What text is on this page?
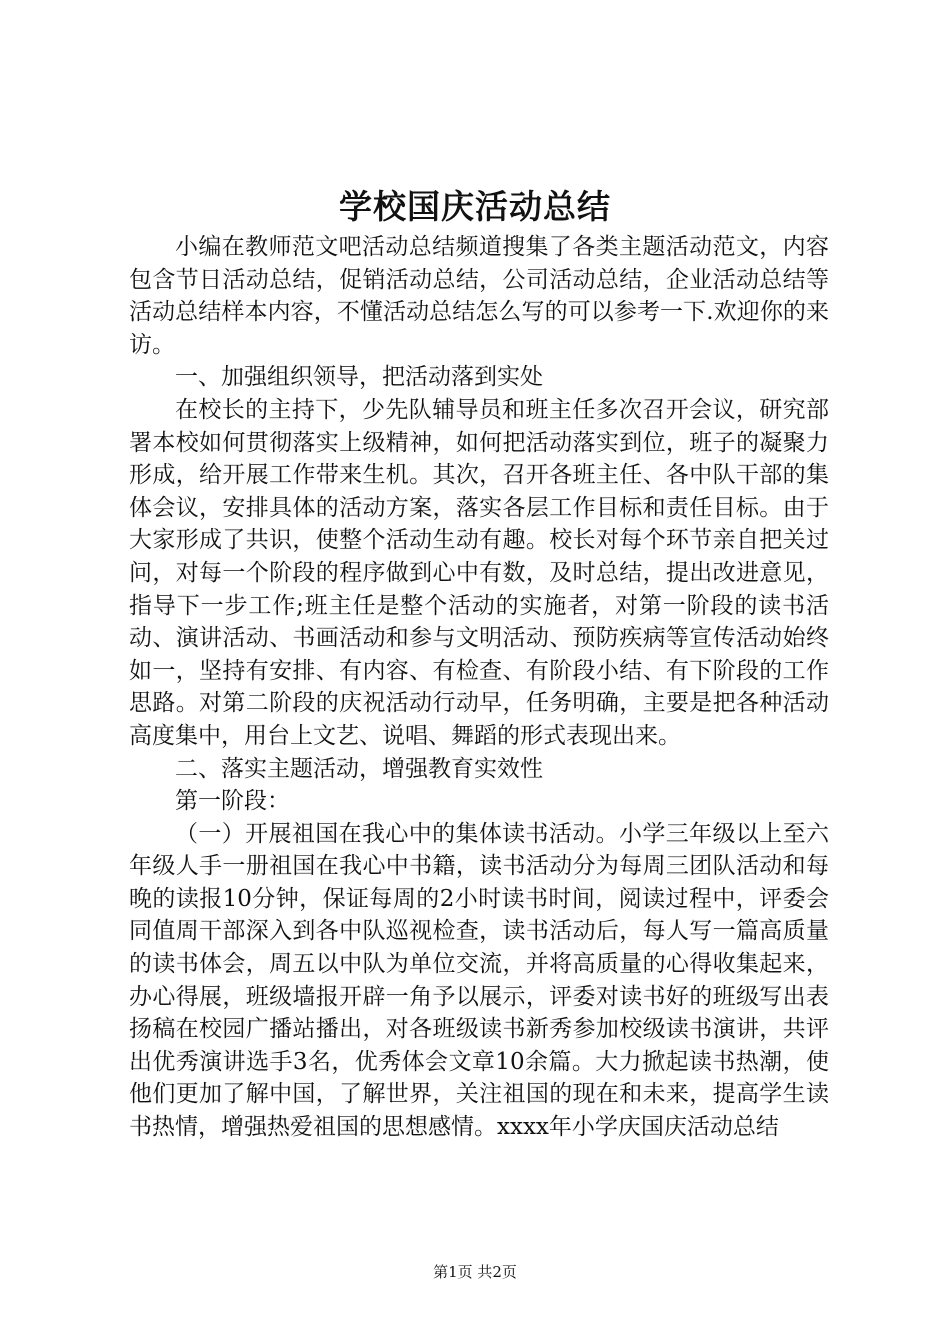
学校国庆活动总结

小编在教师范文吧活动总结频道搜集了各类主题活动范文，内容包含节日活动总结，促销活动总结，公司活动总结，企业活动总结等活动总结样本内容，不懂活动总结怎么写的可以参考一下.欢迎你的来访。

一、加强组织领导，把活动落到实处

在校长的主持下，少先队辅导员和班主任多次召开会议，研究部署本校如何贯彻落实上级精神，如何把活动落实到位，班子的凝聚力形成，给开展工作带来生机。其次，召开各班主任、各中队干部的集体会议，安排具体的活动方案，落实各层工作目标和责任目标。由于大家形成了共识，使整个活动生动有趣。校长对每个环节亲自把关过问，对每一个阶段的程序做到心中有数，及时总结，提出改进意见，指导下一步工作;班主任是整个活动的实施者，对第一阶段的读书活动、演讲活动、书画活动和参与文明活动、预防疾病等宣传活动始终如一，坚持有安排、有内容、有检查、有阶段小结、有下阶段的工作思路。对第二阶段的庆祝活动行动早，任务明确，主要是把各种活动高度集中，用台上文艺、说唱、舞蹈的形式表现出来。

二、落实主题活动，增强教育实效性

第一阶段：

（一）开展祖国在我心中的集体读书活动。小学三年级以上至六年级人手一册祖国在我心中书籍，读书活动分为每周三团队活动和每晚的读报10分钟，保证每周的2小时读书时间，阅读过程中，评委会同值周干部深入到各中队巡视检查，读书活动后，每人写一篇高质量的读书体会，周五以中队为单位交流，并将高质量的心得收集起来，办心得展，班级墙报开辟一角予以展示，评委对读书好的班级写出表扬稿在校园广播站播出，对各班级读书新秀参加校级读书演讲，共评出优秀演讲选手3名，优秀体会文章10余篇。大力掀起读书热潮，使他们更加了解中国，了解世界，关注祖国的现在和未来，提高学生读书热情，增强热爱祖国的思想感情。xxxx年小学庆国庆活动总结

第1页 共2页
